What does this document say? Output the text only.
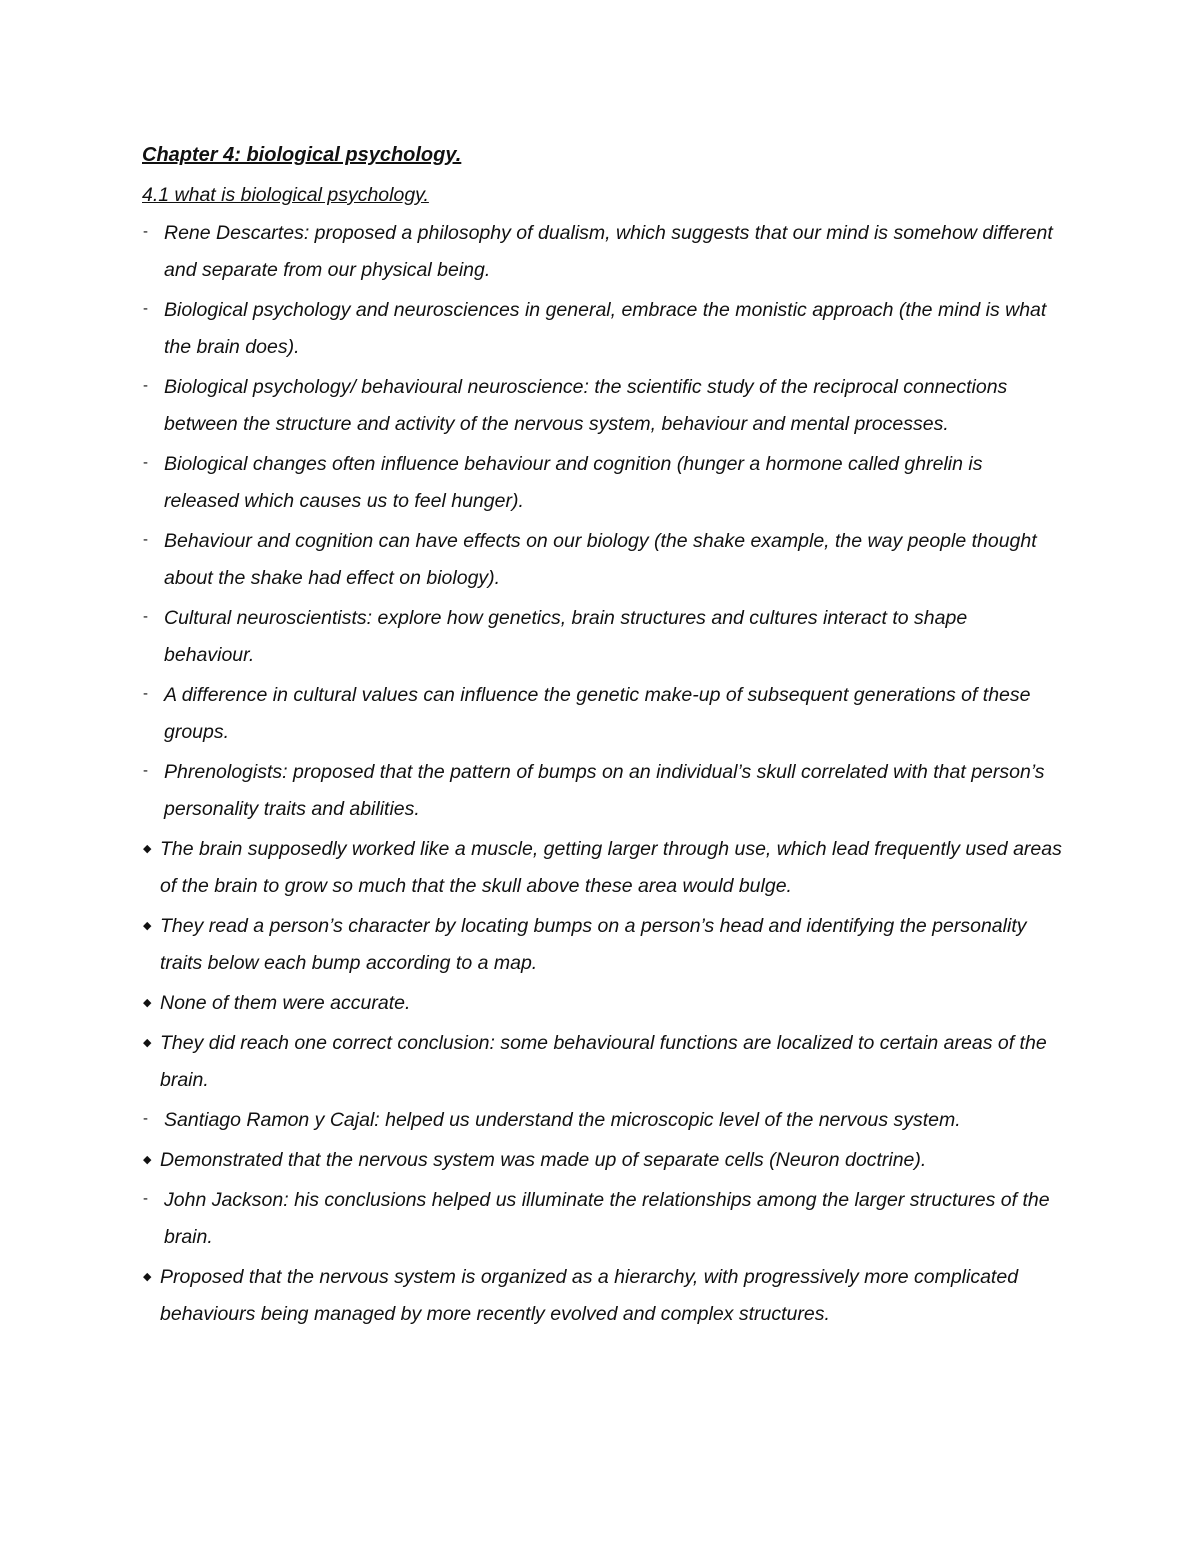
Chapter 4: biological psychology.
4.1 what is biological psychology.
- Rene Descartes: proposed a philosophy of dualism, which suggests that our mind is somehow different and separate from our physical being.
- Biological psychology and neurosciences in general, embrace the monistic approach (the mind is what the brain does).
- Biological psychology/ behavioural neuroscience: the scientific study of the reciprocal connections between the structure and activity of the nervous system, behaviour and mental processes.
- Biological changes often influence behaviour and cognition (hunger a hormone called ghrelin is released which causes us to feel hunger).
- Behaviour and cognition can have effects on our biology (the shake example, the way people thought about the shake had effect on biology).
- Cultural neuroscientists: explore how genetics, brain structures and cultures interact to shape behaviour.
- A difference in cultural values can influence the genetic make-up of subsequent generations of these groups.
- Phrenologists: proposed that the pattern of bumps on an individual’s skull correlated with that person’s personality traits and abilities.
◆ The brain supposedly worked like a muscle, getting larger through use, which lead frequently used areas of the brain to grow so much that the skull above these area would bulge.
◆ They read a person’s character by locating bumps on a person’s head and identifying the personality traits below each bump according to a map.
◆ None of them were accurate.
◆ They did reach one correct conclusion: some behavioural functions are localized to certain areas of the brain.
- Santiago Ramon y Cajal: helped us understand the microscopic level of the nervous system.
◆ Demonstrated that the nervous system was made up of separate cells (Neuron doctrine).
- John Jackson: his conclusions helped us illuminate the relationships among the larger structures of the brain.
◆ Proposed that the nervous system is organized as a hierarchy, with progressively more complicated behaviours being managed by more recently evolved and complex structures.
